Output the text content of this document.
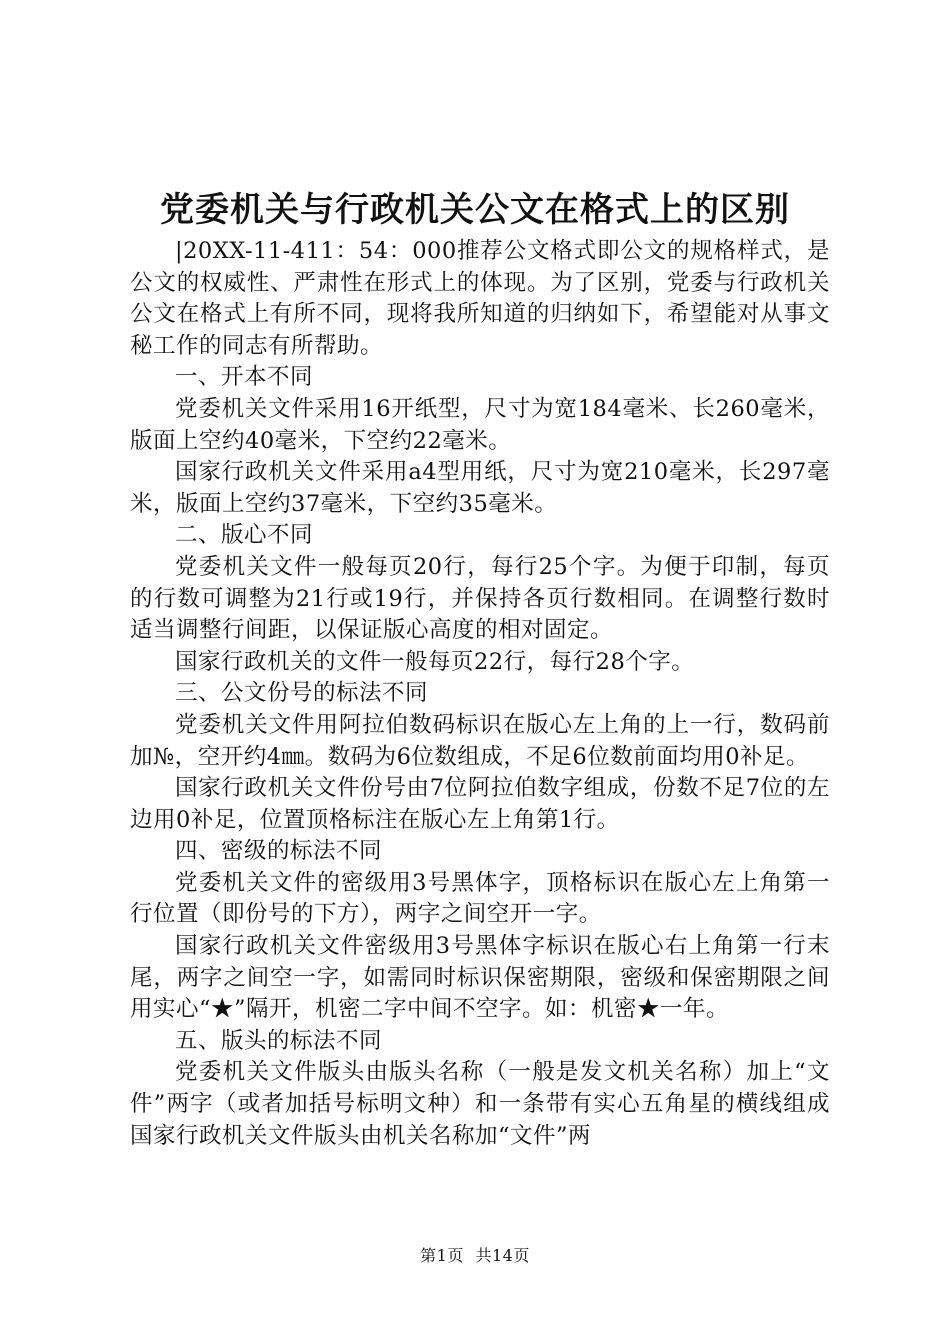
党委机关与行政机关公文在格式上的区别

|20XX-11-411：54：000推荐公文格式即公文的规格样式，是公文的权威性、严肃性在形式上的体现。为了区别，党委与行政机关公文在格式上有所不同，现将我所知道的归纳如下，希望能对从事文秘工作的同志有所帮助。

一、开本不同

党委机关文件采用16开纸型，尺寸为宽184毫米、长260毫米，版面上空约40毫米，下空约22毫米。

国家行政机关文件采用a4型用纸，尺寸为宽210毫米，长297毫米，版面上空约37毫米，下空约35毫米。

二、版心不同

党委机关文件一般每页20行，每行25个字。为便于印制，每页的行数可调整为21行或19行，并保持各页行数相同。在调整行数时适当调整行间距，以保证版心高度的相对固定。

国家行政机关的文件一般每页22行，每行28个字。

三、公文份号的标法不同

党委机关文件用阿拉伯数码标识在版心左上角的上一行，数码前加№，空开约4㎜。数码为6位数组成，不足6位数前面均用0补足。

国家行政机关文件份号由7位阿拉伯数字组成，份数不足7位的左边用0补足，位置顶格标注在版心左上角第1行。

四、密级的标法不同

党委机关文件的密级用3号黑体字，顶格标识在版心左上角第一行位置（即份号的下方），两字之间空开一字。

国家行政机关文件密级用3号黑体字标识在版心右上角第一行末尾，两字之间空一字，如需同时标识保密期限，密级和保密期限之间用实心“★”隔开，机密二字中间不空字。如：机密★一年。

五、版头的标法不同

党委机关文件版头由版头名称（一般是发文机关名称）加上“文件”两字（或者加括号标明文种）和一条带有实心五角星的横线组成国家行政机关文件版头由机关名称加“文件”两

第1页 共14页
